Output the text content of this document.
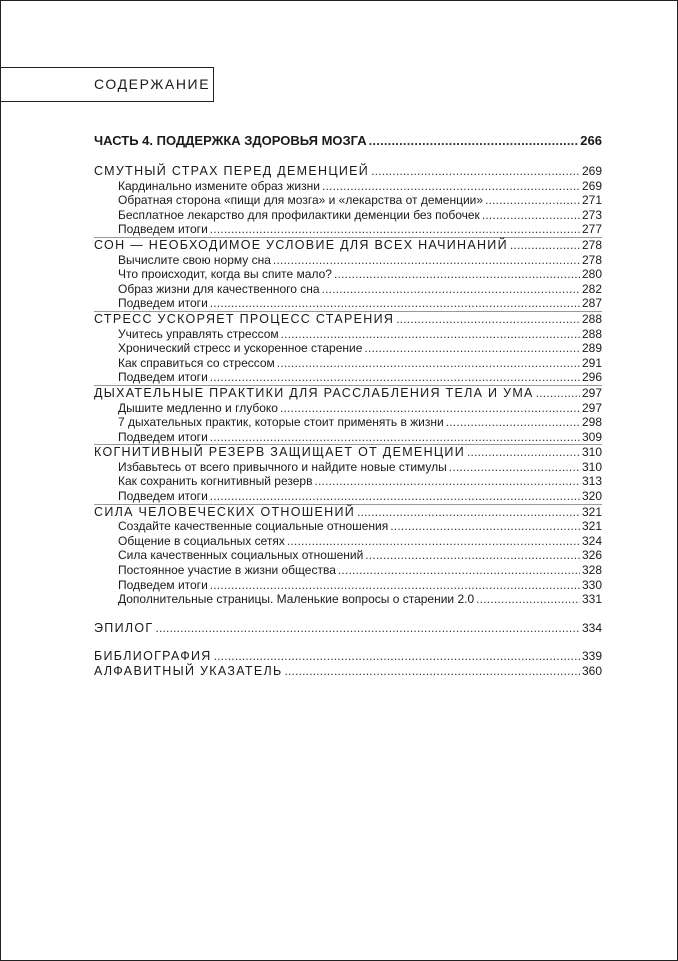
СОДЕРЖАНИЕ
ЧАСТЬ 4. ПОДДЕРЖКА ЗДОРОВЬЯ МОЗГА .....	266
СМУТНЫЙ СТРАХ ПЕРЕД ДЕМЕНЦИЕЙ .....	269
Кардинально измените образ жизни .....	269
Обратная сторона «пищи для мозга» и «лекарства от деменции» .....	271
Бесплатное лекарство для профилактики деменции без побочек .....	273
Подведем итоги .....	277
СОН — НЕОБХОДИМОЕ УСЛОВИЕ ДЛЯ ВСЕХ НАЧИНАНИЙ .....	278
Вычислите свою норму сна .....	278
Что происходит, когда вы спите мало? .....	280
Образ жизни для качественного сна .....	282
Подведем итоги .....	287
СТРЕСС УСКОРЯЕТ ПРОЦЕСС СТАРЕНИЯ .....	288
Учитесь управлять стрессом .....	288
Хронический стресс и ускоренное старение .....	289
Как справиться со стрессом .....	291
Подведем итоги .....	296
ДЫХАТЕЛЬНЫЕ ПРАКТИКИ ДЛЯ РАССЛАБЛЕНИЯ ТЕЛА И УМА .....	297
Дышите медленно и глубоко .....	297
7 дыхательных практик, которые стоит применять в жизни .....	298
Подведем итоги .....	309
КОГНИТИВНЫЙ РЕЗЕРВ ЗАЩИЩАЕТ ОТ ДЕМЕНЦИИ .....	310
Избавьтесь от всего привычного и найдите новые стимулы .....	310
Как сохранить когнитивный резерв .....	313
Подведем итоги .....	320
СИЛА ЧЕЛОВЕЧЕСКИХ ОТНОШЕНИЙ .....	321
Создайте качественные социальные отношения .....	321
Общение в социальных сетях .....	324
Сила качественных социальных отношений .....	326
Постоянное участие в жизни общества .....	328
Подведем итоги .....	330
Дополнительные страницы. Маленькие вопросы о старении 2.0 .....	331
ЭПИЛОГ .....	334
БИБЛИОГРАФИЯ .....	339
АЛФАВИТНЫЙ УКАЗАТЕЛЬ .....	360
